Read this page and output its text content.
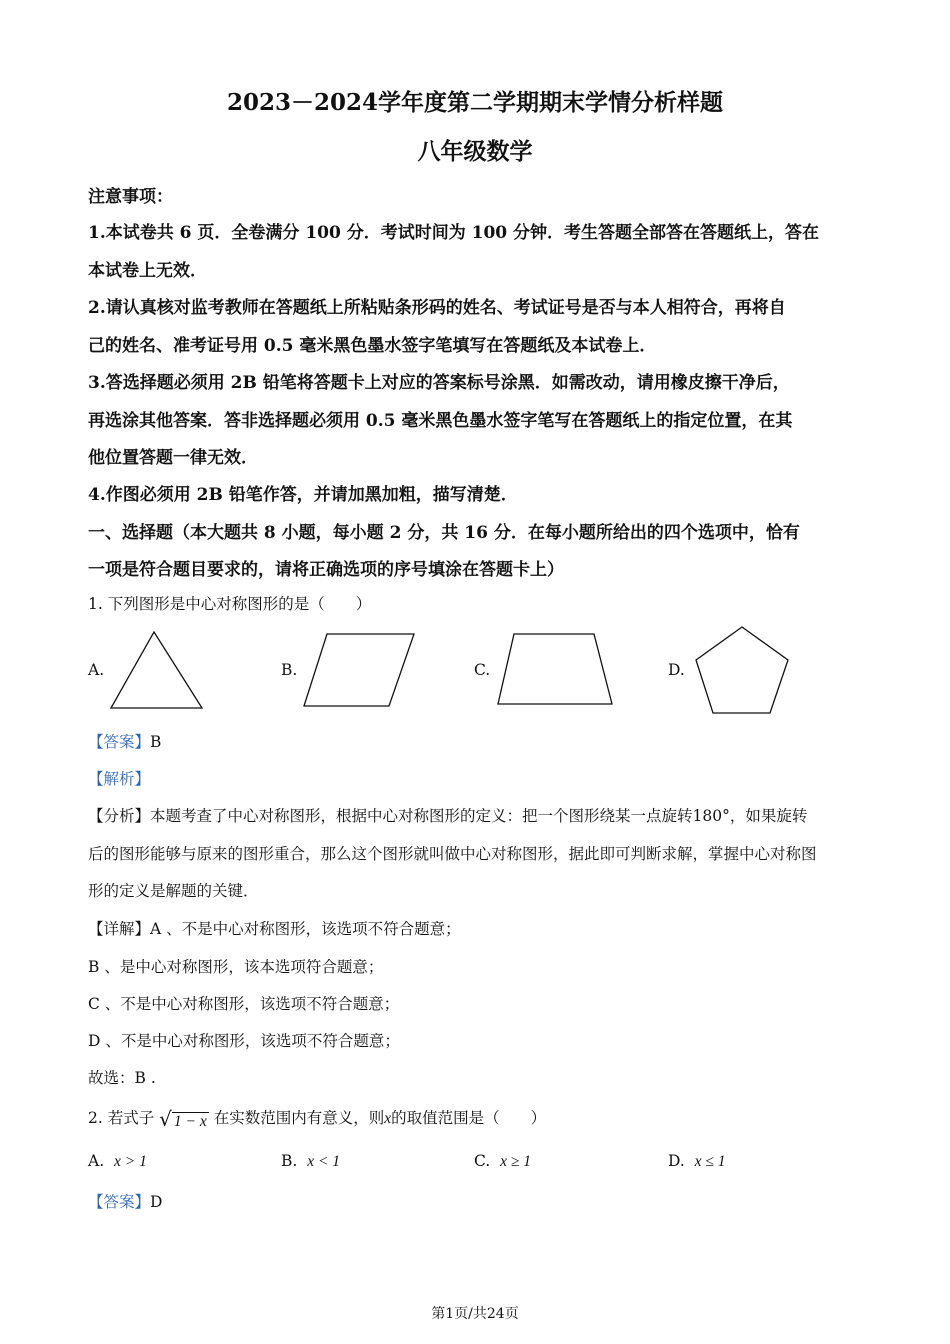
2023－2024学年度第二学期期末学情分析样题
八年级数学
注意事项：
1.本试卷共 6 页．全卷满分 100 分．考试时间为 100 分钟．考生答题全部答在答题纸上，答在
本试卷上无效．
2.请认真核对监考教师在答题纸上所粘贴条形码的姓名、考试证号是否与本人相符合，再将自
己的姓名、准考证号用 0.5 毫米黑色墨水签字笔填写在答题纸及本试卷上．
3.答选择题必须用 2B 铅笔将答题卡上对应的答案标号涂黑．如需改动，请用橡皮擦干净后，
再选涂其他答案．答非选择题必须用 0.5 毫米黑色墨水签字笔写在答题纸上的指定位置，在其
他位置答题一律无效．
4.作图必须用 2B 铅笔作答，并请加黑加粗，描写清楚．
一、选择题（本大题共 8 小题，每小题 2 分，共 16 分．在每小题所给出的四个选项中，恰有
一项是符合题目要求的，请将正确选项的序号填涂在答题卡上）
1. 下列图形是中心对称图形的是（　　）
A.	B.	C.	D.
【答案】B
【解析】
【分析】本题考查了中心对称图形，根据中心对称图形的定义：把一个图形绕某一点旋转180°，如果旋转
后的图形能够与原来的图形重合，那么这个图形就叫做中心对称图形，据此即可判断求解，掌握中心对称图
形的定义是解题的关键．
【详解】A 、不是中心对称图形，该选项不符合题意；
B 、是中心对称图形，该本选项符合题意；
C 、不是中心对称图形，该选项不符合题意；
D 、不是中心对称图形，该选项不符合题意；
故选：B .
2. 若式子 √ 1 − x 在实数范围内有意义，则x的取值范围是（　　）
A. x > 1	B. x < 1	C. x ≥ 1	D. x ≤ 1
【答案】D
第1页/共24页
